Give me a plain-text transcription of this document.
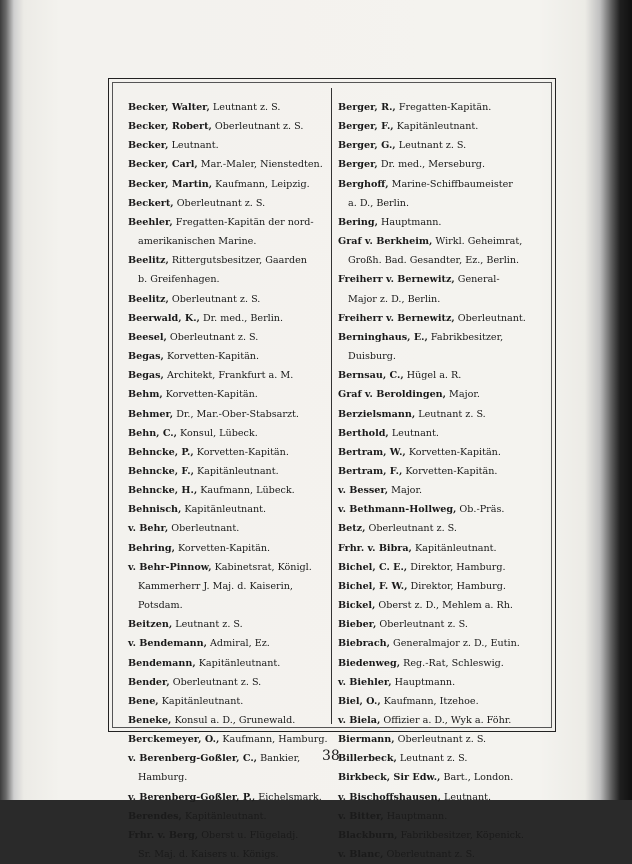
Becker, Walter, Leutnant z. S.
Becker, Robert, Oberleutnant z. S.
Becker, Leutnant.
Becker, Carl, Mar.-Maler, Nienstedten.
Becker, Martin, Kaufmann, Leipzig.
Beckert, Oberleutnant z. S.
Beehler, Fregatten-Kapitän der nord-
amerikanischen Marine.
Beelitz, Rittergutsbesitzer, Gaarden
b. Greifenhagen.
Beelitz, Oberleutnant z. S.
Beerwald, K., Dr. med., Berlin.
Beesel, Oberleutnant z. S.
Begas, Korvetten-Kapitän.
Begas, Architekt, Frankfurt a. M.
Behm, Korvetten-Kapitän.
Behmer, Dr., Mar.-Ober-Stabsarzt.
Behn, C., Konsul, Lübeck.
Behncke, P., Korvetten-Kapitän.
Behncke, F., Kapitänleutnant.
Behncke, H., Kaufmann, Lübeck.
Behnisch, Kapitänleutnant.
v. Behr, Oberleutnant.
Behring, Korvetten-Kapitän.
v. Behr-Pinnow, Kabinetsrat, Königl.
Kammerherr J. Maj. d. Kaiserin,
Potsdam.
Beitzen, Leutnant z. S.
v. Bendemann, Admiral, Ez.
Bendemann, Kapitänleutnant.
Bender, Oberleutnant z. S.
Bene, Kapitänleutnant.
Beneke, Konsul a. D., Grunewald.
Berckemeyer, O., Kaufmann, Hamburg.
v. Berenberg-Goßler, C., Bankier,
Hamburg.
v. Berenberg-Goßler, P., Eichelsmark.
Berendes, Kapitänleutnant.
Frhr. v. Berg, Oberst u. Flügeladj.
Sr. Maj. d. Kaisers u. Königs.
Berger, R., Fregatten-Kapitän.
Berger, F., Kapitänleutnant.
Berger, G., Leutnant z. S.
Berger, Dr. med., Merseburg.
Berghoff, Marine-Schiffbaumeister
a. D., Berlin.
Bering, Hauptmann.
Graf v. Berkheim, Wirkl. Geheimrat,
Großh. Bad. Gesandter, Ez., Berlin.
Freiherr v. Bernewitz, General-
Major z. D., Berlin.
Freiherr v. Bernewitz, Oberleutnant.
Berninghaus, E., Fabrikbesitzer,
Duisburg.
Bernsau, C., Hügel a. R.
Graf v. Beroldingen, Major.
Berzielsmann, Leutnant z. S.
Berthold, Leutnant.
Bertram, W., Korvetten-Kapitän.
Bertram, F., Korvetten-Kapitän.
v. Besser, Major.
v. Bethmann-Hollweg, Ob.-Präs.
Betz, Oberleutnant z. S.
Frhr. v. Bibra, Kapitänleutnant.
Bichel, C. E., Direktor, Hamburg.
Bichel, F. W., Direktor, Hamburg.
Bickel, Oberst z. D., Mehlem a. Rh.
Bieber, Oberleutnant z. S.
Biebrach, Generalmajor z. D., Eutin.
Biedenweg, Reg.-Rat, Schleswig.
v. Biehler, Hauptmann.
Biel, O., Kaufmann, Itzehoe.
v. Biela, Offizier a. D., Wyk a. Föhr.
Biermann, Oberleutnant z. S.
Billerbeck, Leutnant z. S.
Birkbeck, Sir Edw., Bart., London.
v. Bischoffshausen, Leutnant.
v. Bitter, Hauptmann.
Blackburn, Fabrikbesitzer, Köpenick.
v. Blanc, Oberleutnant z. S.
38
